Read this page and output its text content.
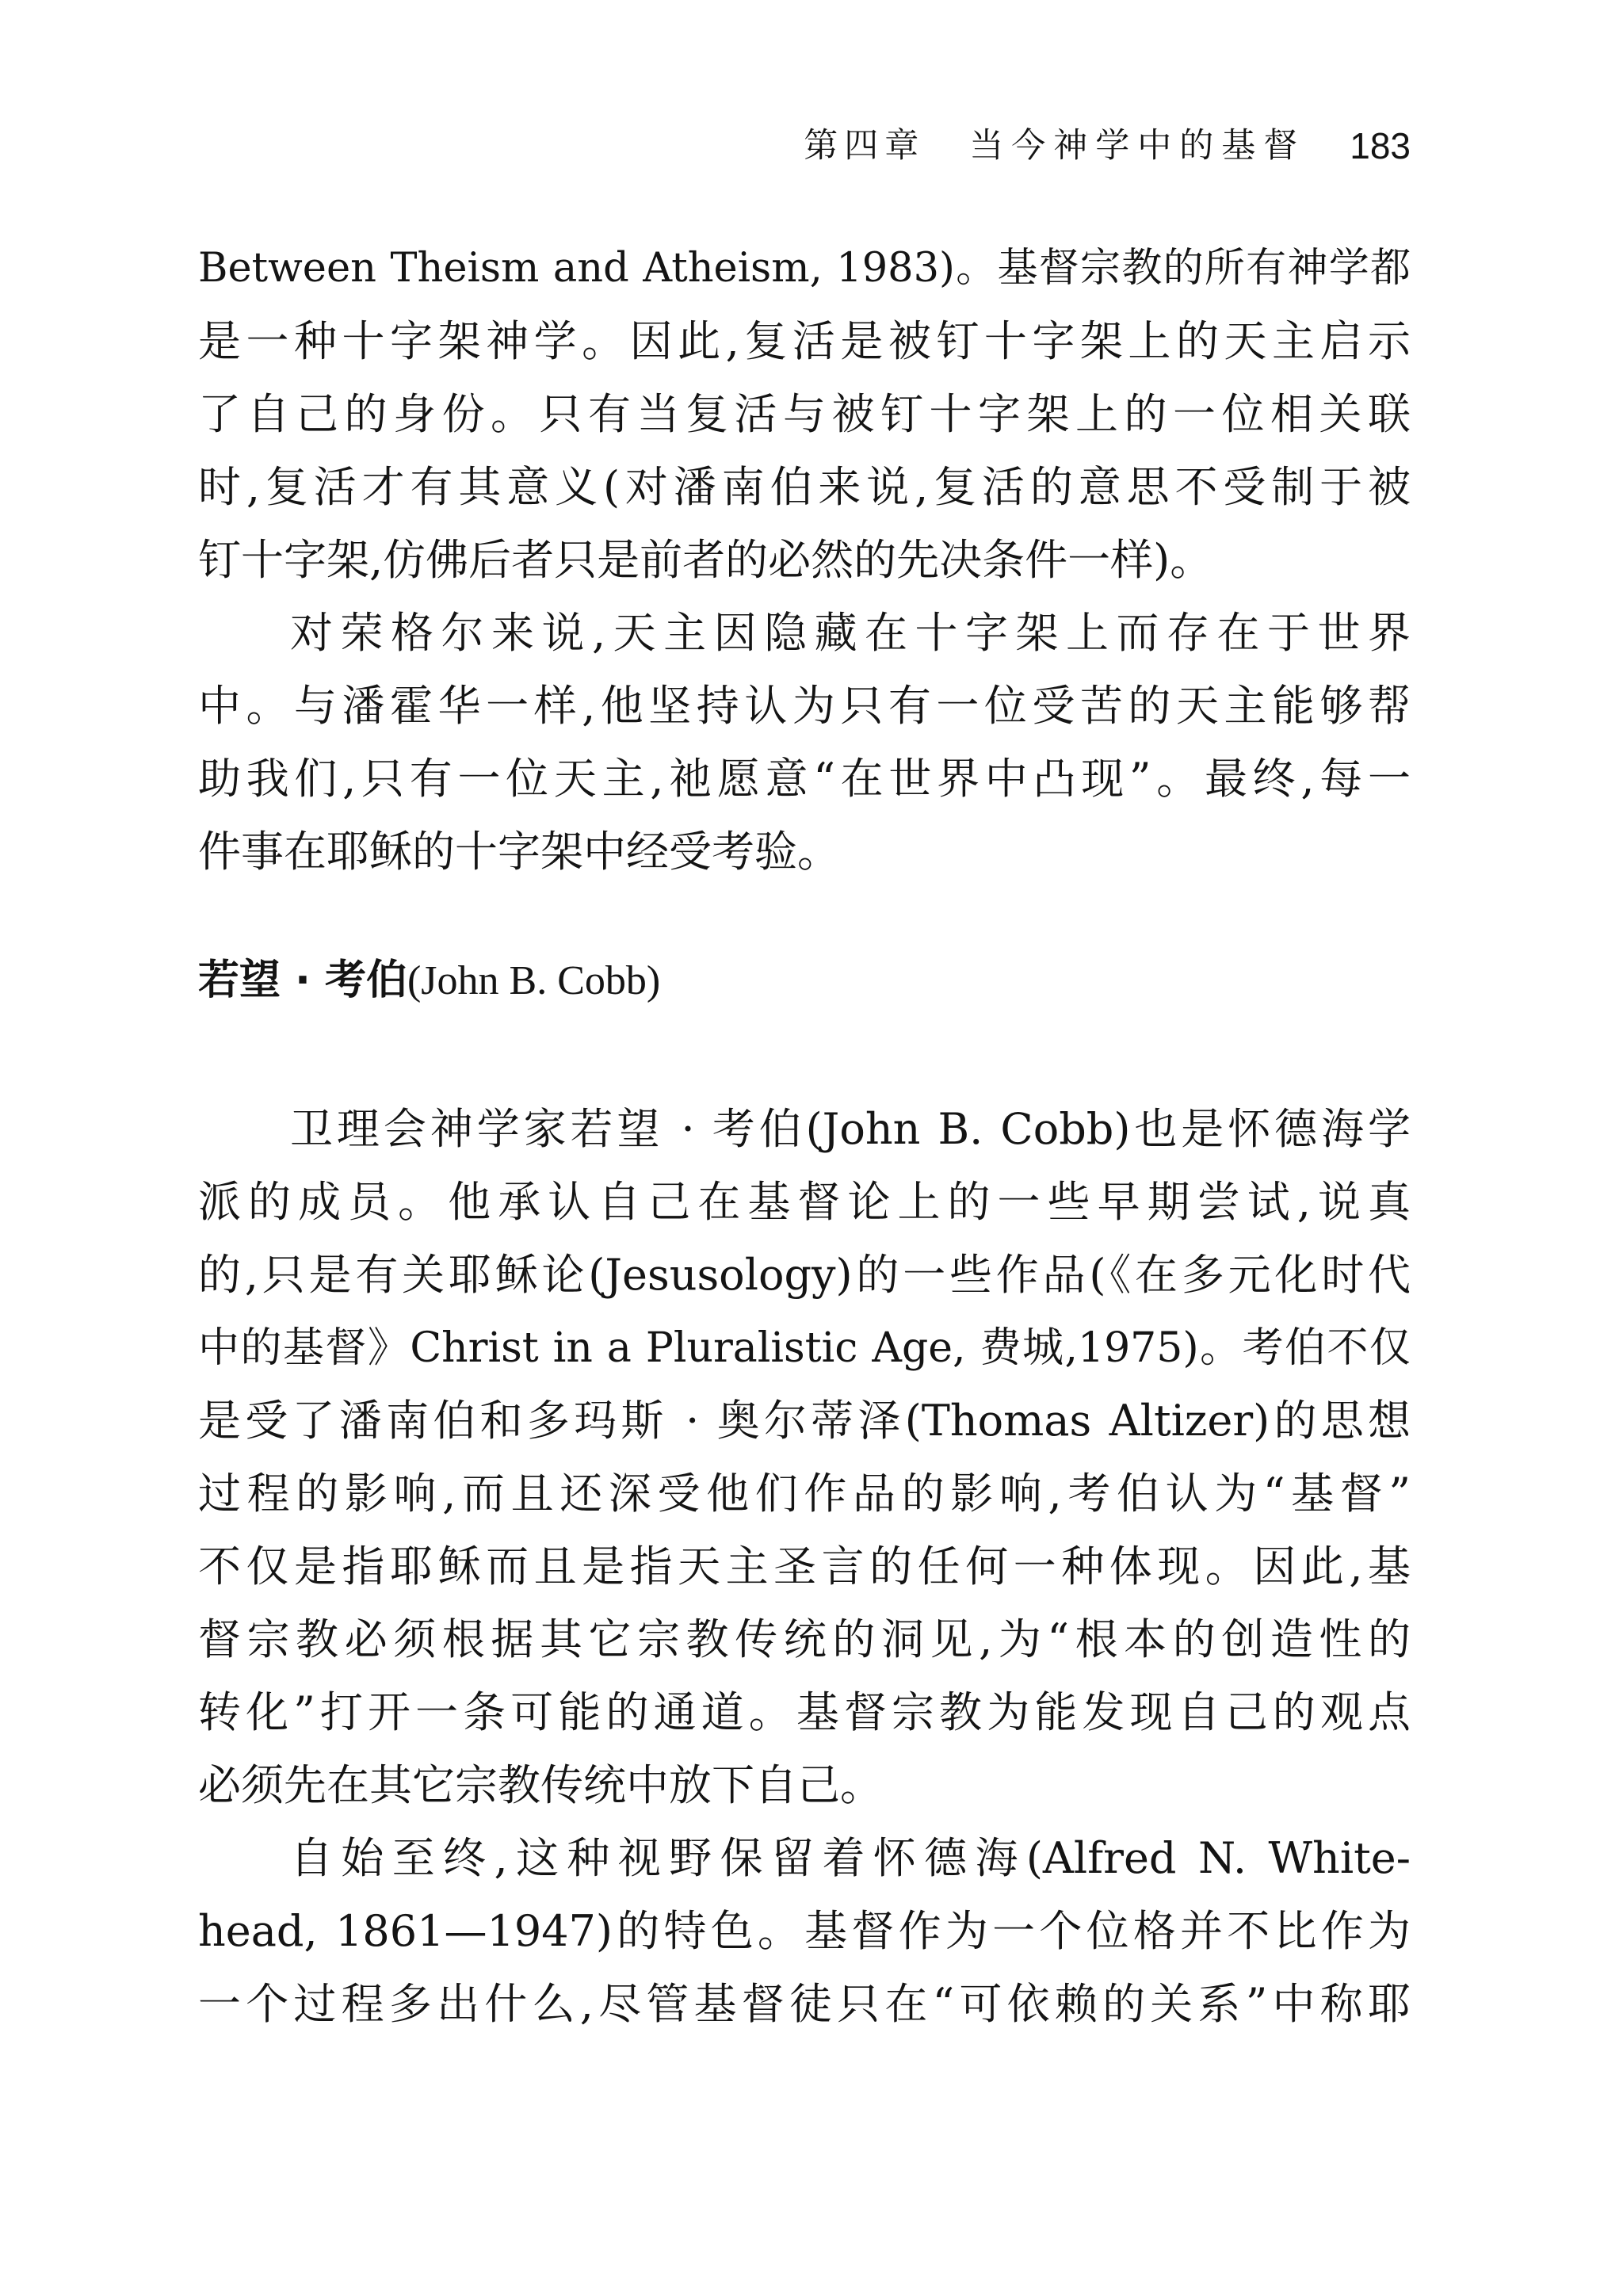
第四章 当今神学中的基督 183
Between Theism and Atheism, 1983)。基督宗教的所有神学都
是一种十字架神学。因此,复活是被钉十字架上的天主启示
了自己的身份。只有当复活与被钉十字架上的一位相关联
时,复活才有其意义(对潘南伯来说,复活的意思不受制于被
钉十字架,仿佛后者只是前者的必然的先决条件一样)。
对荣格尔来说,天主因隐藏在十字架上而存在于世界
中。与潘霍华一样,他坚持认为只有一位受苦的天主能够帮
助我们,只有一位天主,祂愿意“在世界中凸现”。最终,每一
件事在耶稣的十字架中经受考验。
若望 · 考伯(John B. Cobb)
卫理会神学家若望 · 考伯(John B. Cobb)也是怀德海学
派的成员。他承认自己在基督论上的一些早期尝试,说真
的,只是有关耶稣论(Jesusology)的一些作品(《在多元化时代
中的基督》Christ in a Pluralistic Age, 费城,1975)。考伯不仅
是受了潘南伯和多玛斯 · 奥尔蒂泽(Thomas Altizer)的思想
过程的影响,而且还深受他们作品的影响,考伯认为“基督”
不仅是指耶稣而且是指天主圣言的任何一种体现。因此,基
督宗教必须根据其它宗教传统的洞见,为“根本的创造性的
转化”打开一条可能的通道。基督宗教为能发现自己的观点
必须先在其它宗教传统中放下自己。
自始至终,这种视野保留着怀德海(Alfred N. White-
head, 1861—1947)的特色。基督作为一个位格并不比作为
一个过程多出什么,尽管基督徒只在“可依赖的关系”中称耶
